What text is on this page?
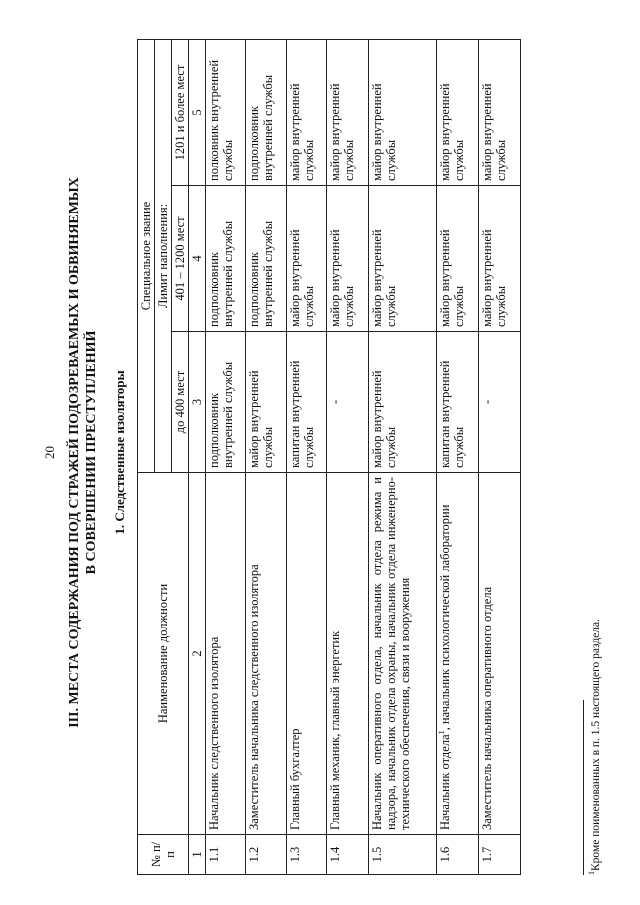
20 III. МЕСТА СОДЕРЖАНИЯ ПОД СТРАЖЕЙ ПОДОЗРЕВАЕМЫХ И ОБВИНЯЕМЫХ В СОВЕРШЕНИИ ПРЕСТУПЛЕНИЙ 1. Следственные изоляторы
№ п/п	Наименование должности	Специальное звание		
		Лимит наполнения:		
		до 400 мест	401 – 1200 мест	1201 и более мест
1	2	3	4	5
1.1	Начальник следственного изолятора	подполковник внутренней службы	подполковник внутренней службы	полковник внутренней службы
1.2	Заместитель начальника следственного изолятора	майор внутренней службы	подполковник внутренней службы	подполковник внутренней службы
1.3	Главный бухгалтер	капитан внутренней службы	майор внутренней службы	майор внутренней службы
1.4	Главный механик, главный энергетик	-	майор внутренней службы	майор внутренней службы
1.5	Начальник оперативного отдела, начальник отдела режима и надзора, начальник отдела охраны, начальник отдела инженерно-технического обеспечения, связи и вооружения	майор внутренней службы	майор внутренней службы	майор внутренней службы
1.6	Начальник отдела$^1$, начальник психологической лаборатории	капитан внутренней службы	майор внутренней службы	майор внутренней службы
1.7	Заместитель начальника оперативного отдела	-	майор внутренней службы	майор внутренней службы
$^1$Кроме поименованных в п. 1.5 настоящего раздела.
